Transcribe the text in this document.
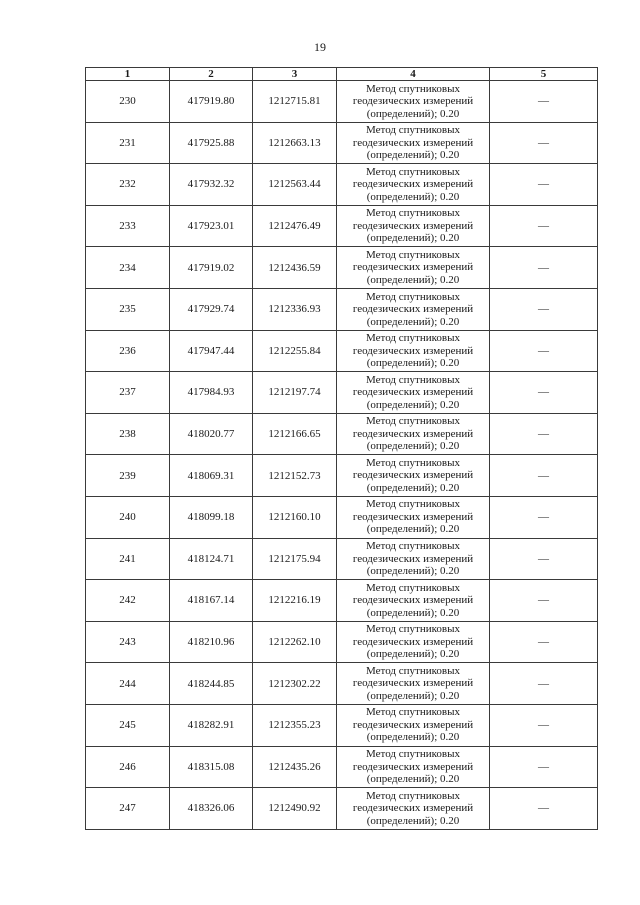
19
1	2	3	4	5
230	417919.80	1212715.81	Метод спутниковых
геодезических измерений
(определений); 0.20	—
231	417925.88	1212663.13	Метод спутниковых
геодезических измерений
(определений); 0.20	—
232	417932.32	1212563.44	Метод спутниковых
геодезических измерений
(определений); 0.20	—
233	417923.01	1212476.49	Метод спутниковых
геодезических измерений
(определений); 0.20	—
234	417919.02	1212436.59	Метод спутниковых
геодезических измерений
(определений); 0.20	—
235	417929.74	1212336.93	Метод спутниковых
геодезических измерений
(определений); 0.20	—
236	417947.44	1212255.84	Метод спутниковых
геодезических измерений
(определений); 0.20	—
237	417984.93	1212197.74	Метод спутниковых
геодезических измерений
(определений); 0.20	—
238	418020.77	1212166.65	Метод спутниковых
геодезических измерений
(определений); 0.20	—
239	418069.31	1212152.73	Метод спутниковых
геодезических измерений
(определений); 0.20	—
240	418099.18	1212160.10	Метод спутниковых
геодезических измерений
(определений); 0.20	—
241	418124.71	1212175.94	Метод спутниковых
геодезических измерений
(определений); 0.20	—
242	418167.14	1212216.19	Метод спутниковых
геодезических измерений
(определений); 0.20	—
243	418210.96	1212262.10	Метод спутниковых
геодезических измерений
(определений); 0.20	—
244	418244.85	1212302.22	Метод спутниковых
геодезических измерений
(определений); 0.20	—
245	418282.91	1212355.23	Метод спутниковых
геодезических измерений
(определений); 0.20	—
246	418315.08	1212435.26	Метод спутниковых
геодезических измерений
(определений); 0.20	—
247	418326.06	1212490.92	Метод спутниковых
геодезических измерений
(определений); 0.20	—
